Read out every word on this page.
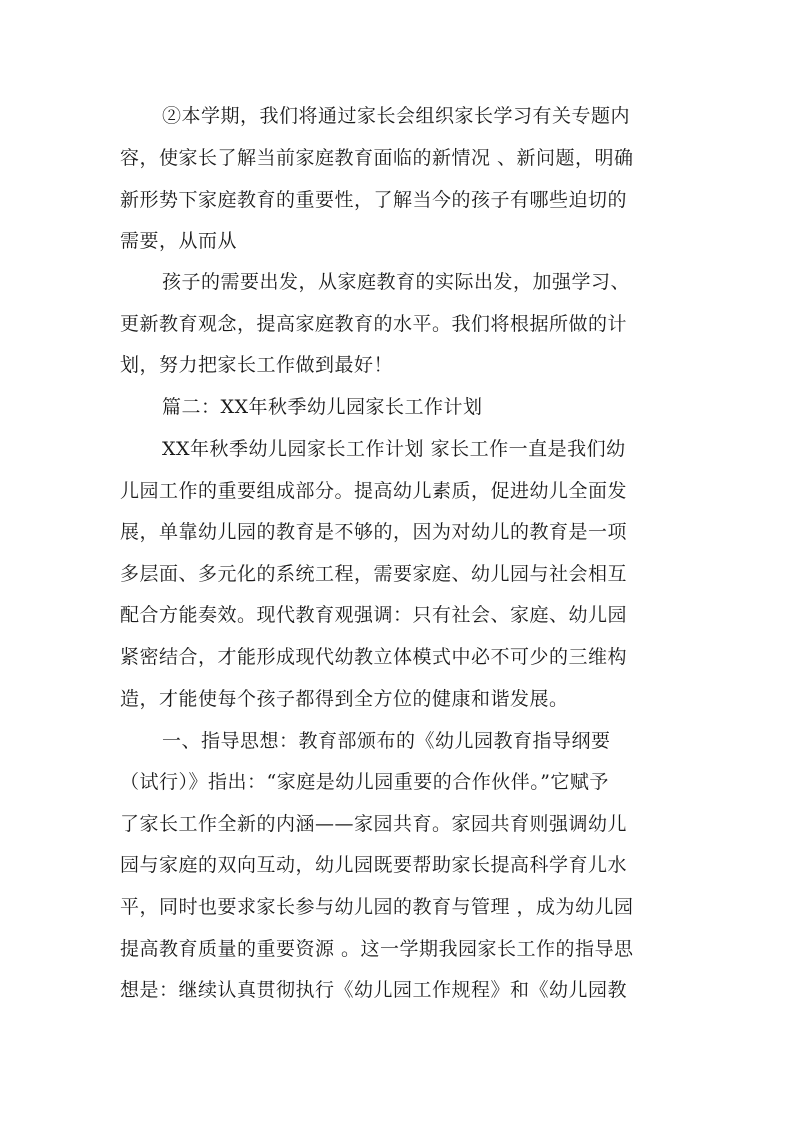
②本学期，我们将通过家长会组织家长学习有关专题内
容，使家长了解当前家庭教育面临的新情况 、新问题，明确
新形势下家庭教育的重要性，了解当今的孩子有哪些迫切的
需要，从而从
孩子的需要出发，从家庭教育的实际出发，加强学习、
更新教育观念，提高家庭教育的水平。我们将根据所做的计
划，努力把家长工作做到最好！
篇二：XX年秋季幼儿园家长工作计划
XX年秋季幼儿园家长工作计划 家长工作一直是我们幼
儿园工作的重要组成部分。提高幼儿素质，促进幼儿全面发
展，单靠幼儿园的教育是不够的，因为对幼儿的教育是一项
多层面、多元化的系统工程，需要家庭、幼儿园与社会相互
配合方能奏效。现代教育观强调：只有社会、家庭、幼儿园
紧密结合，才能形成现代幼教立体模式中必不可少的三维构
造，才能使每个孩子都得到全方位的健康和谐发展。
一、指导思想：教育部颁布的《幼儿园教育指导纲要
（试行）》指出：“家庭是幼儿园重要的合作伙伴。”它赋予
了家长工作全新的内涵——家园共育。家园共育则强调幼儿
园与家庭的双向互动，幼儿园既要帮助家长提高科学育儿水
平，同时也要求家长参与幼儿园的教育与管理 ，成为幼儿园
提高教育质量的重要资源 。这一学期我园家长工作的指导思
想是：继续认真贯彻执行《幼儿园工作规程》和《幼儿园教
